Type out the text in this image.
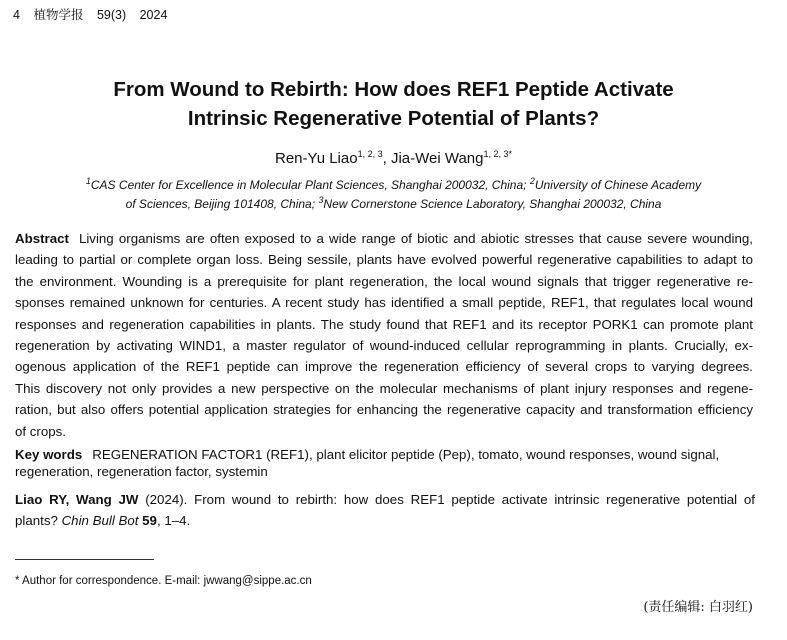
4 植物学报 59(3) 2024
From Wound to Rebirth: How does REF1 Peptide Activate
Intrinsic Regenerative Potential of Plants?
Ren-Yu Liao$^{1, 2, 3}$, Jia-Wei Wang$^{1, 2, 3*}$
$^1$CAS Center for Excellence in Molecular Plant Sciences, Shanghai 200032, China; $^2$University of Chinese Academy
of Sciences, Beijing 101408, China; $^3$New Cornerstone Science Laboratory, Shanghai 200032, China
Abstract Living organisms are often exposed to a wide range of biotic and abiotic stresses that cause severe wounding,
leading to partial or complete organ loss. Being sessile, plants have evolved powerful regenerative capabilities to adapt to
the environment. Wounding is a prerequisite for plant regeneration, the local wound signals that trigger regenerative re-
sponses remained unknown for centuries. A recent study has identified a small peptide, REF1, that regulates local wound
responses and regeneration capabilities in plants. The study found that REF1 and its receptor PORK1 can promote plant
regeneration by activating WIND1, a master regulator of wound-induced cellular reprogramming in plants. Crucially, ex-
ogenous application of the REF1 peptide can improve the regeneration efficiency of several crops to varying degrees.
This discovery not only provides a new perspective on the molecular mechanisms of plant injury responses and regene-
ration, but also offers potential application strategies for enhancing the regenerative capacity and transformation efficiency
of crops.
Key words REGENERATION FACTOR1 (REF1), plant elicitor peptide (Pep), tomato, wound responses, wound signal,
regeneration, regeneration factor, systemin
Liao RY, Wang JW (2024). From wound to rebirth: how does REF1 peptide activate intrinsic regenerative potential of
plants? Chin Bull Bot 59, 1–4.
* Author for correspondence. E-mail: jwwang@sippe.ac.cn
(责任编辑: 白羽红)
